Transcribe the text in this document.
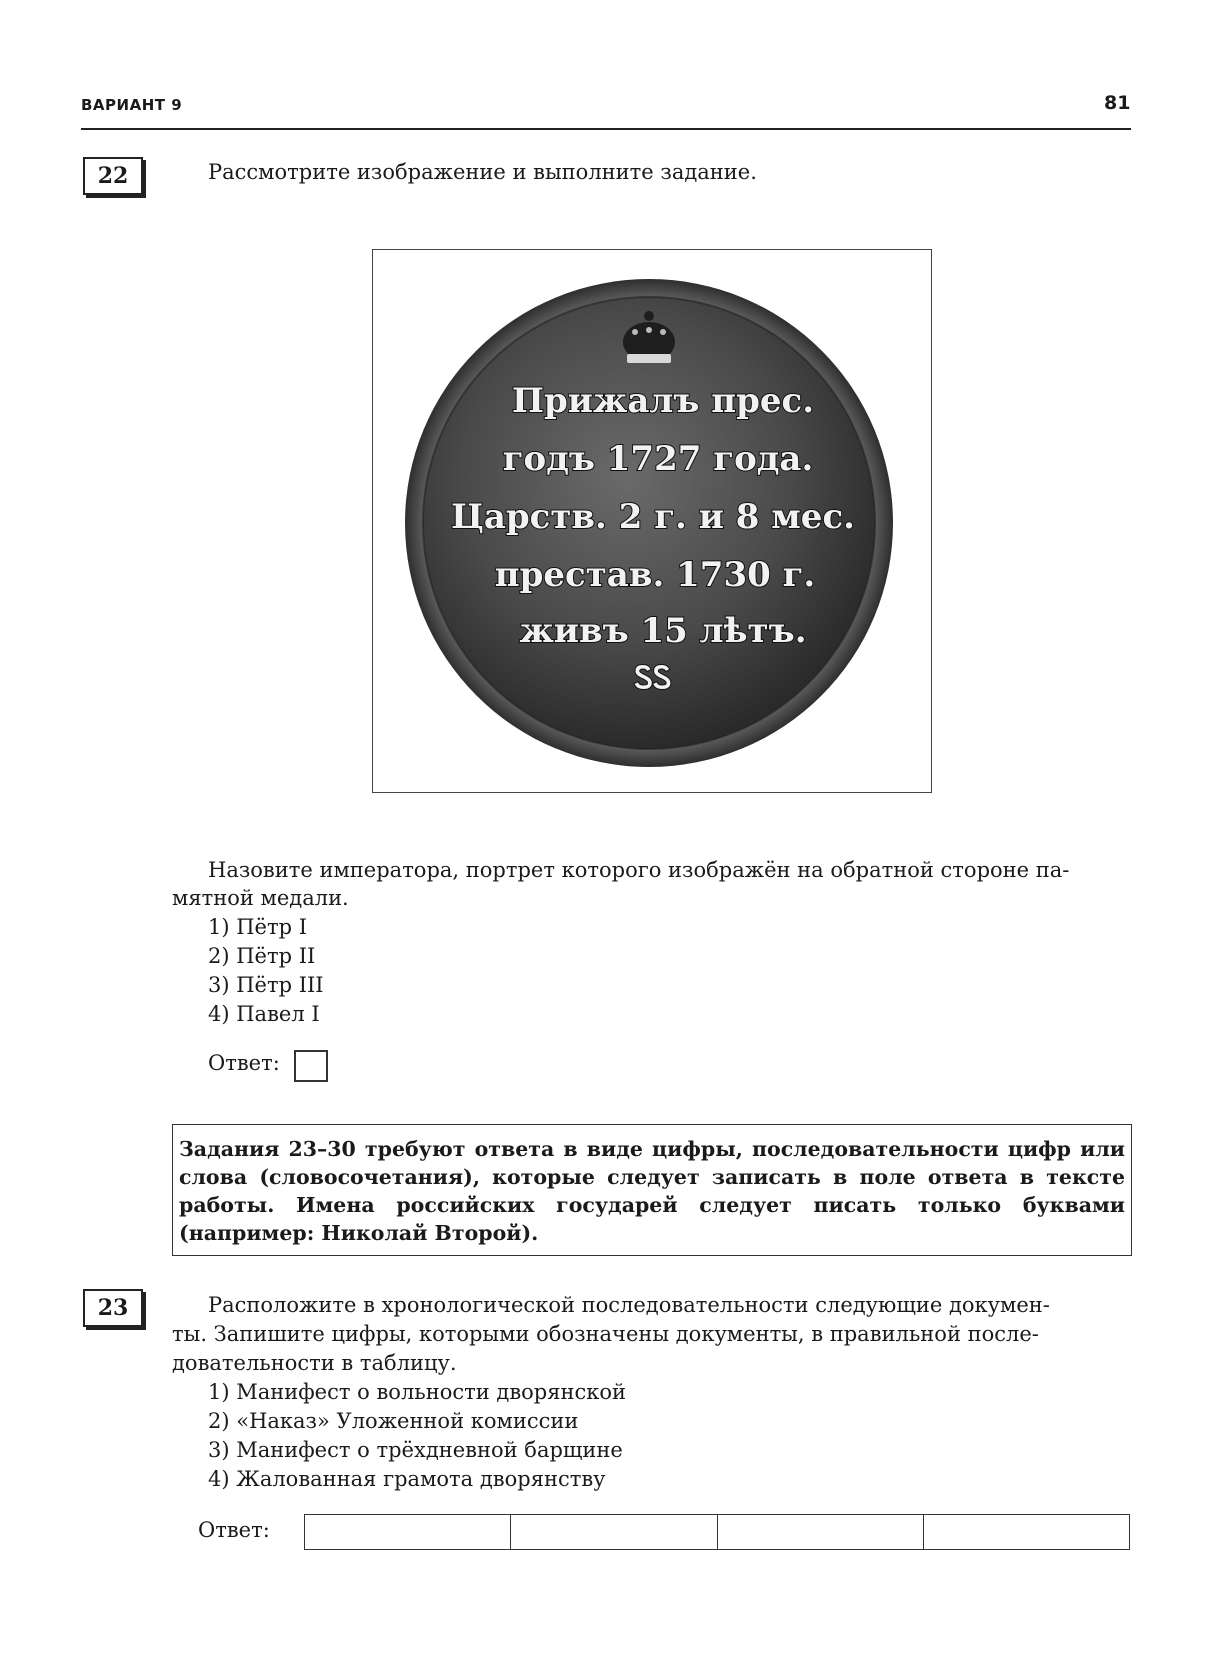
ВАРИАНТ 9	81
22	Рассмотрите изображение и выполните задание.
Прижалъ прес.
годъ 1727 года.
Царств. 2 г. и 8 мес.
престав. 1730 г.
живъ 15 лѣтъ.
ᏚᏚ
Назовите императора, портрет которого изображён на обратной стороне па-
мятной медали.
1) Пётр I
2) Пётр II
3) Пётр III
4) Павел I
Ответ:

Задания 23–30 требуют ответа в виде цифры, последовательности цифр или слова (словосочетания), которые следует записать в поле ответа в тексте работы. Имена российских государей следует писать только буквами (например: Николай Второй).

23	Расположите в хронологической последовательности следующие докумен-
ты. Запишите цифры, которыми обозначены документы, в правильной после-
довательности в таблицу.
1) Манифест о вольности дворянской
2) «Наказ» Уложенной комиссии
3) Манифест о трёхдневной барщине
4) Жалованная грамота дворянству
Ответ:
